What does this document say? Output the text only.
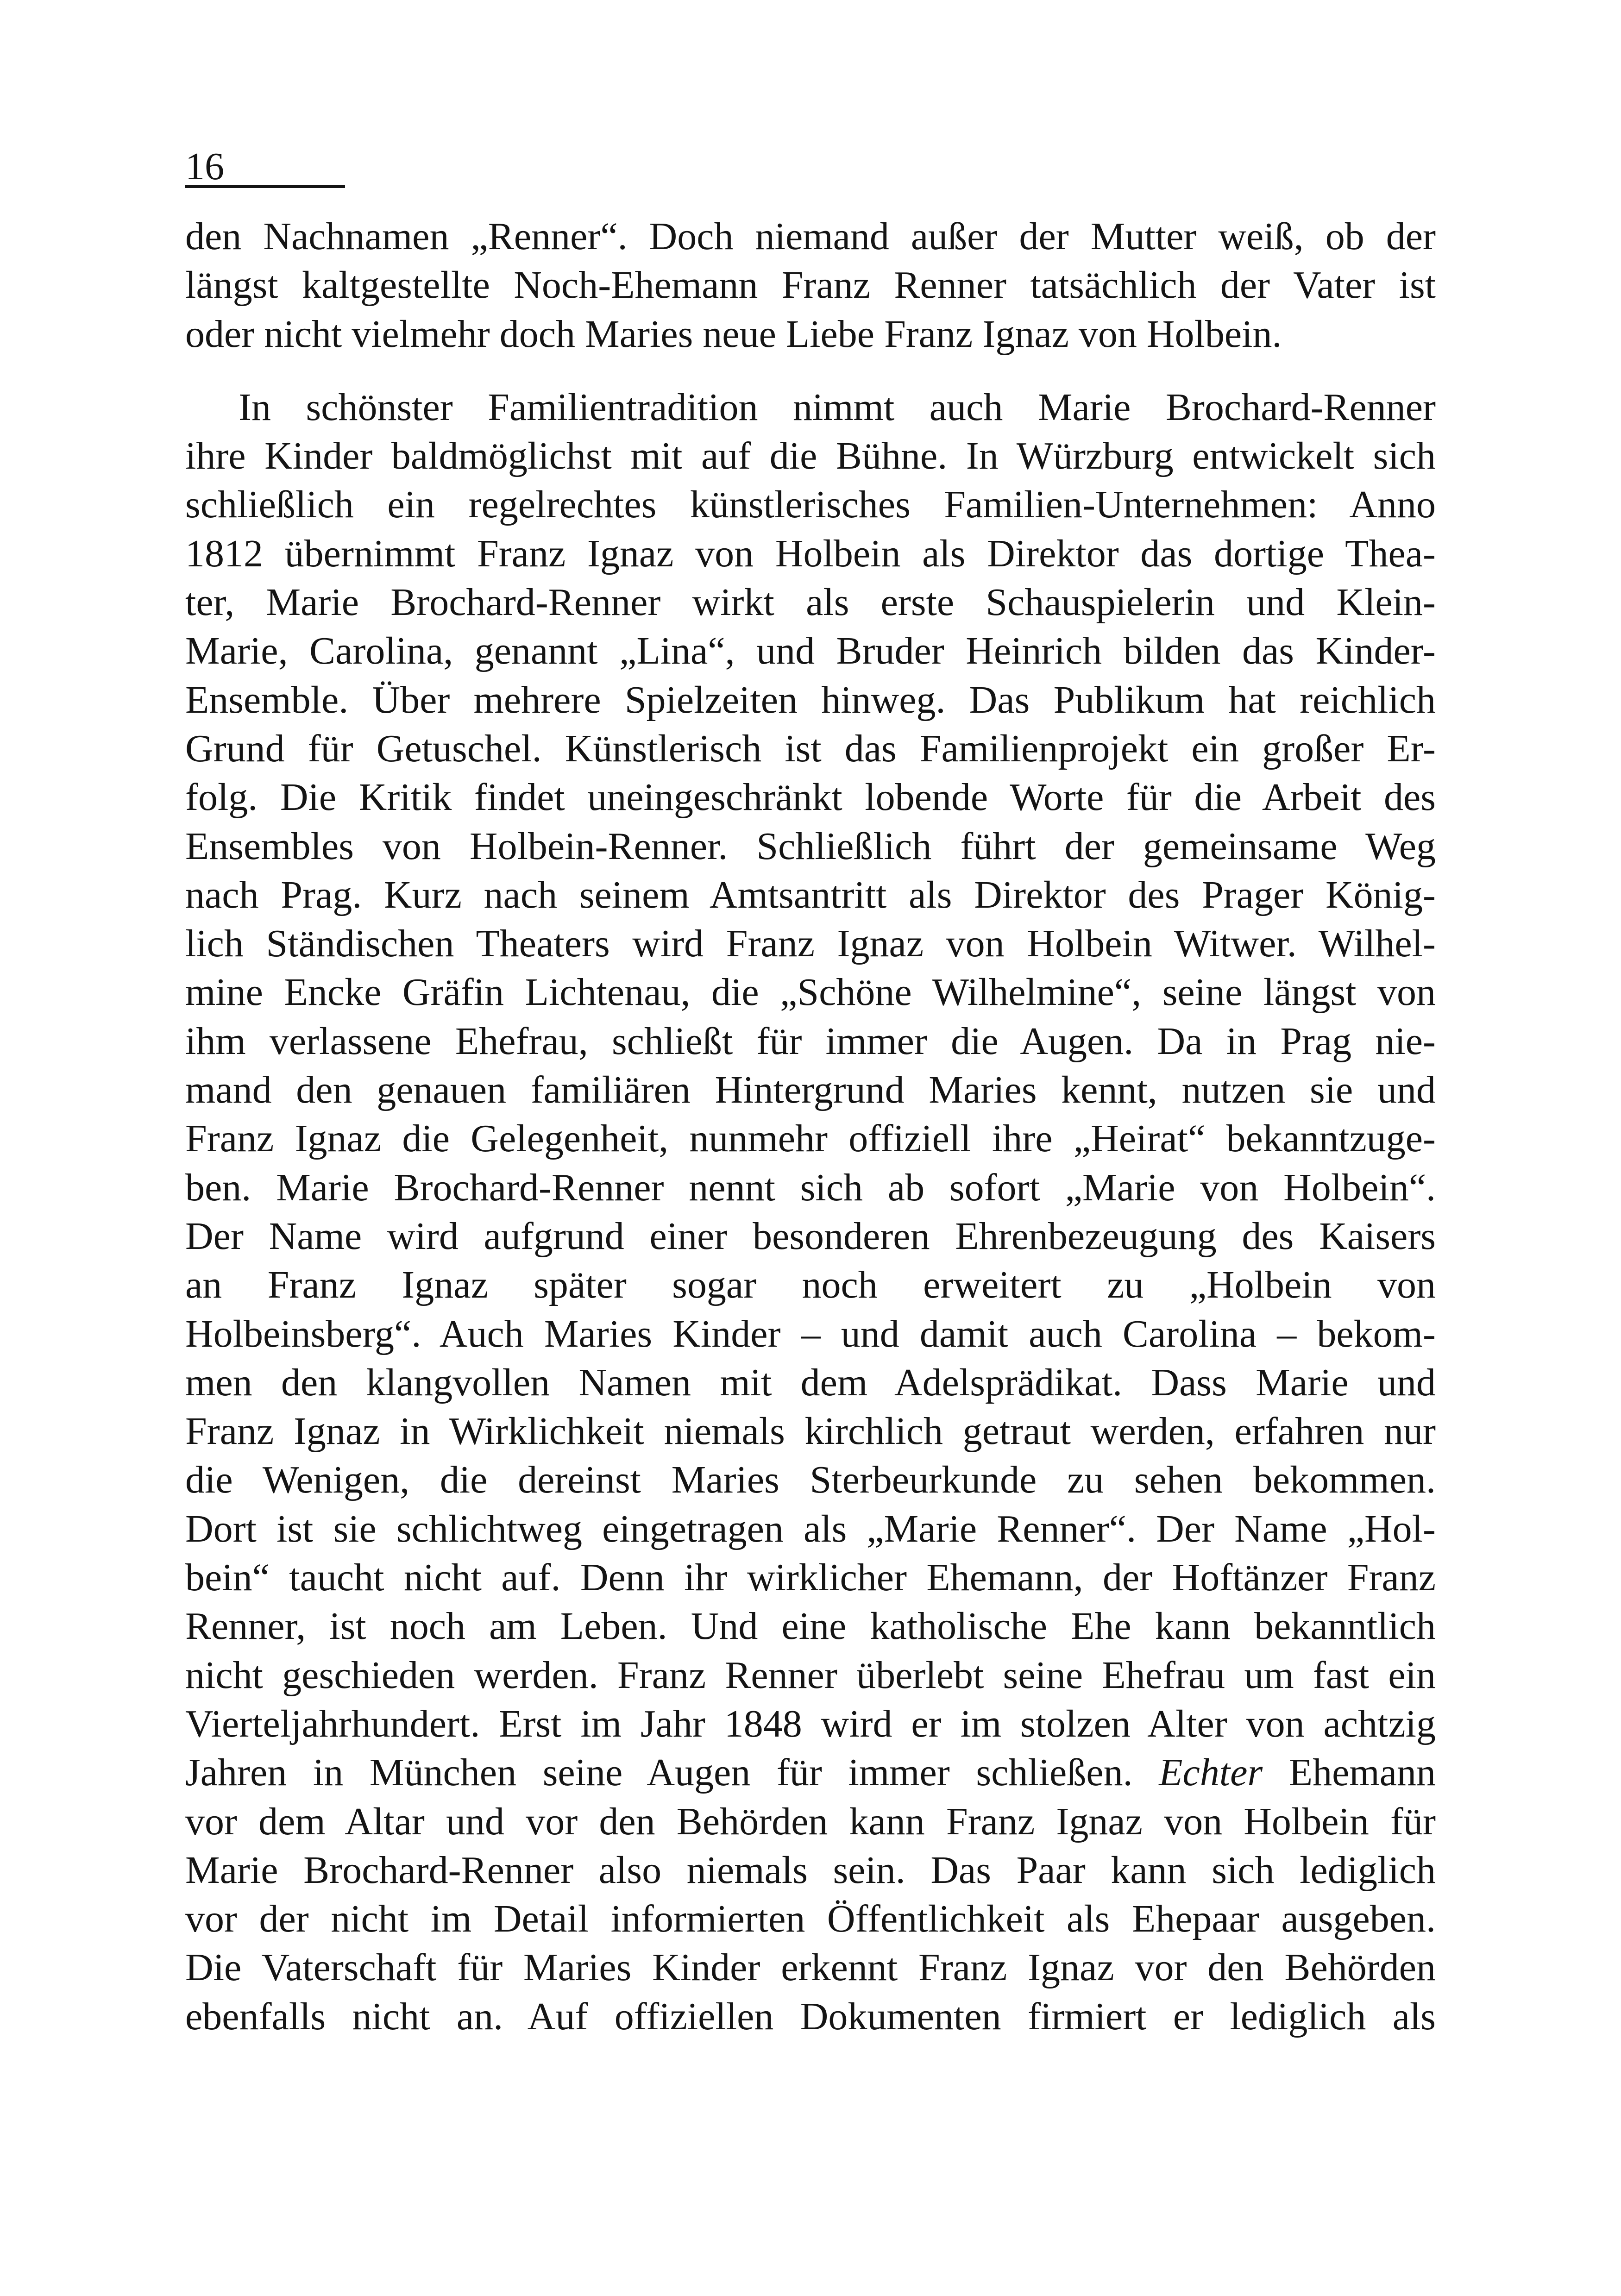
16

den Nachnamen „Renner“. Doch niemand außer der Mutter weiß, ob der
längst kaltgestellte Noch-Ehemann Franz Renner tatsächlich der Vater ist
oder nicht vielmehr doch Maries neue Liebe Franz Ignaz von Holbein.

In schönster Familientradition nimmt auch Marie Brochard-Renner
ihre Kinder baldmöglichst mit auf die Bühne. In Würzburg entwickelt sich
schließlich ein regelrechtes künstlerisches Familien-Unternehmen: Anno
1812 übernimmt Franz Ignaz von Holbein als Direktor das dortige Thea-
ter, Marie Brochard-Renner wirkt als erste Schauspielerin und Klein-
Marie, Carolina, genannt „Lina“, und Bruder Heinrich bilden das Kinder-
Ensemble. Über mehrere Spielzeiten hinweg. Das Publikum hat reichlich
Grund für Getuschel. Künstlerisch ist das Familienprojekt ein großer Er-
folg. Die Kritik findet uneingeschränkt lobende Worte für die Arbeit des
Ensembles von Holbein-Renner. Schließlich führt der gemeinsame Weg
nach Prag. Kurz nach seinem Amtsantritt als Direktor des Prager König-
lich Ständischen Theaters wird Franz Ignaz von Holbein Witwer. Wilhel-
mine Encke Gräfin Lichtenau, die „Schöne Wilhelmine“, seine längst von
ihm verlassene Ehefrau, schließt für immer die Augen. Da in Prag nie-
mand den genauen familiären Hintergrund Maries kennt, nutzen sie und
Franz Ignaz die Gelegenheit, nunmehr offiziell ihre „Heirat“ bekanntzuge-
ben. Marie Brochard-Renner nennt sich ab sofort „Marie von Holbein“.
Der Name wird aufgrund einer besonderen Ehrenbezeugung des Kaisers
an Franz Ignaz später sogar noch erweitert zu „Holbein von
Holbeinsberg“. Auch Maries Kinder – und damit auch Carolina – bekom-
men den klangvollen Namen mit dem Adelsprädikat. Dass Marie und
Franz Ignaz in Wirklichkeit niemals kirchlich getraut werden, erfahren nur
die Wenigen, die dereinst Maries Sterbeurkunde zu sehen bekommen.
Dort ist sie schlichtweg eingetragen als „Marie Renner“. Der Name „Hol-
bein“ taucht nicht auf. Denn ihr wirklicher Ehemann, der Hoftänzer Franz
Renner, ist noch am Leben. Und eine katholische Ehe kann bekanntlich
nicht geschieden werden. Franz Renner überlebt seine Ehefrau um fast ein
Vierteljahrhundert. Erst im Jahr 1848 wird er im stolzen Alter von achtzig
Jahren in München seine Augen für immer schließen. Echter Ehemann
vor dem Altar und vor den Behörden kann Franz Ignaz von Holbein für
Marie Brochard-Renner also niemals sein. Das Paar kann sich lediglich
vor der nicht im Detail informierten Öffentlichkeit als Ehepaar ausgeben.
Die Vaterschaft für Maries Kinder erkennt Franz Ignaz vor den Behörden
ebenfalls nicht an. Auf offiziellen Dokumenten firmiert er lediglich als
